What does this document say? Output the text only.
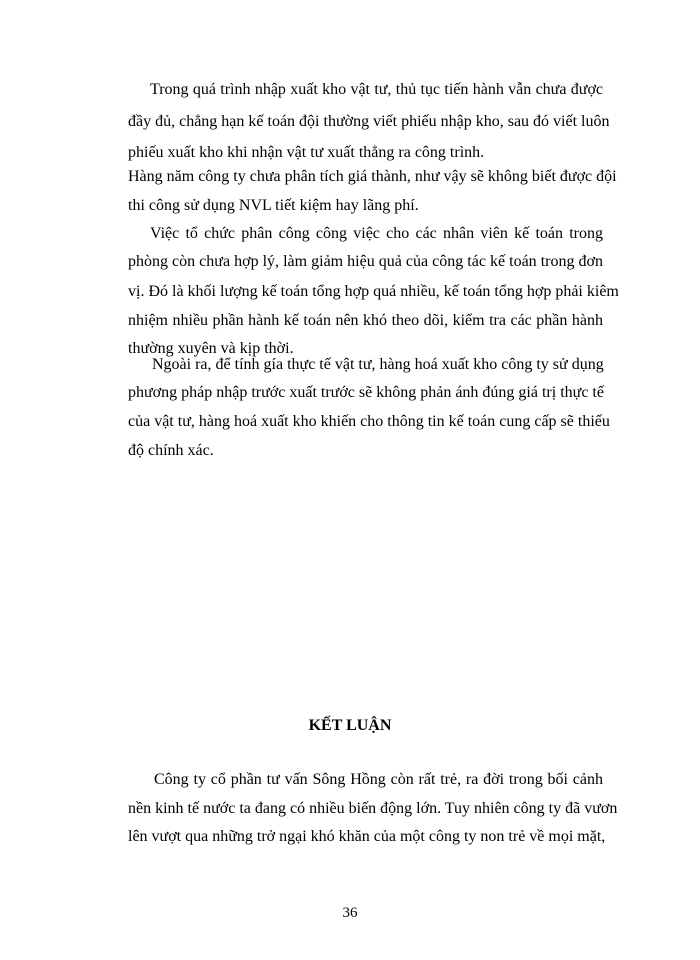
Trong quá trình nhập xuất kho vật tư, thủ tục tiến hành vẫn chưa được
đầy đủ, chẳng hạn kế toán đội thường viết phiếu nhập kho, sau đó viết luôn
phiếu xuất kho khi nhận vật tư xuất thẳng ra công trình.
Hàng năm công ty chưa phân tích giá thành, như vậy sẽ không biết được đội
thi công sử dụng NVL tiết kiệm hay lãng phí.
Việc tổ chức phân công công việc cho các nhân viên kế toán trong
phòng còn chưa hợp lý, làm giảm hiệu quả của công tác kế toán trong đơn
vị. Đó là khối lượng kế toán tổng hợp quá nhiều, kế toán tổng hợp phải kiêm
nhiệm nhiều phần hành kế toán nên khó theo dõi, kiểm tra các phần hành
thường xuyên và kịp thời.
Ngoài ra, để tính gía thực tế vật tư, hàng hoá xuất kho công ty sử dụng
phương pháp nhập trước xuất trước sẽ không phản ánh đúng giá trị thực tế
của vật tư, hàng hoá xuất kho khiến cho thông tin kế toán cung cấp sẽ thiếu
độ chính xác.
KẾT LUẬN
Công ty cổ phần tư vấn Sông Hồng còn rất trẻ, ra đời trong bối cảnh
nền kinh tế nước ta đang có nhiều biến động lớn. Tuy nhiên công ty đã vươn
lên vượt qua những trở ngại khó khăn của một công ty non trẻ về mọi mặt,
36
